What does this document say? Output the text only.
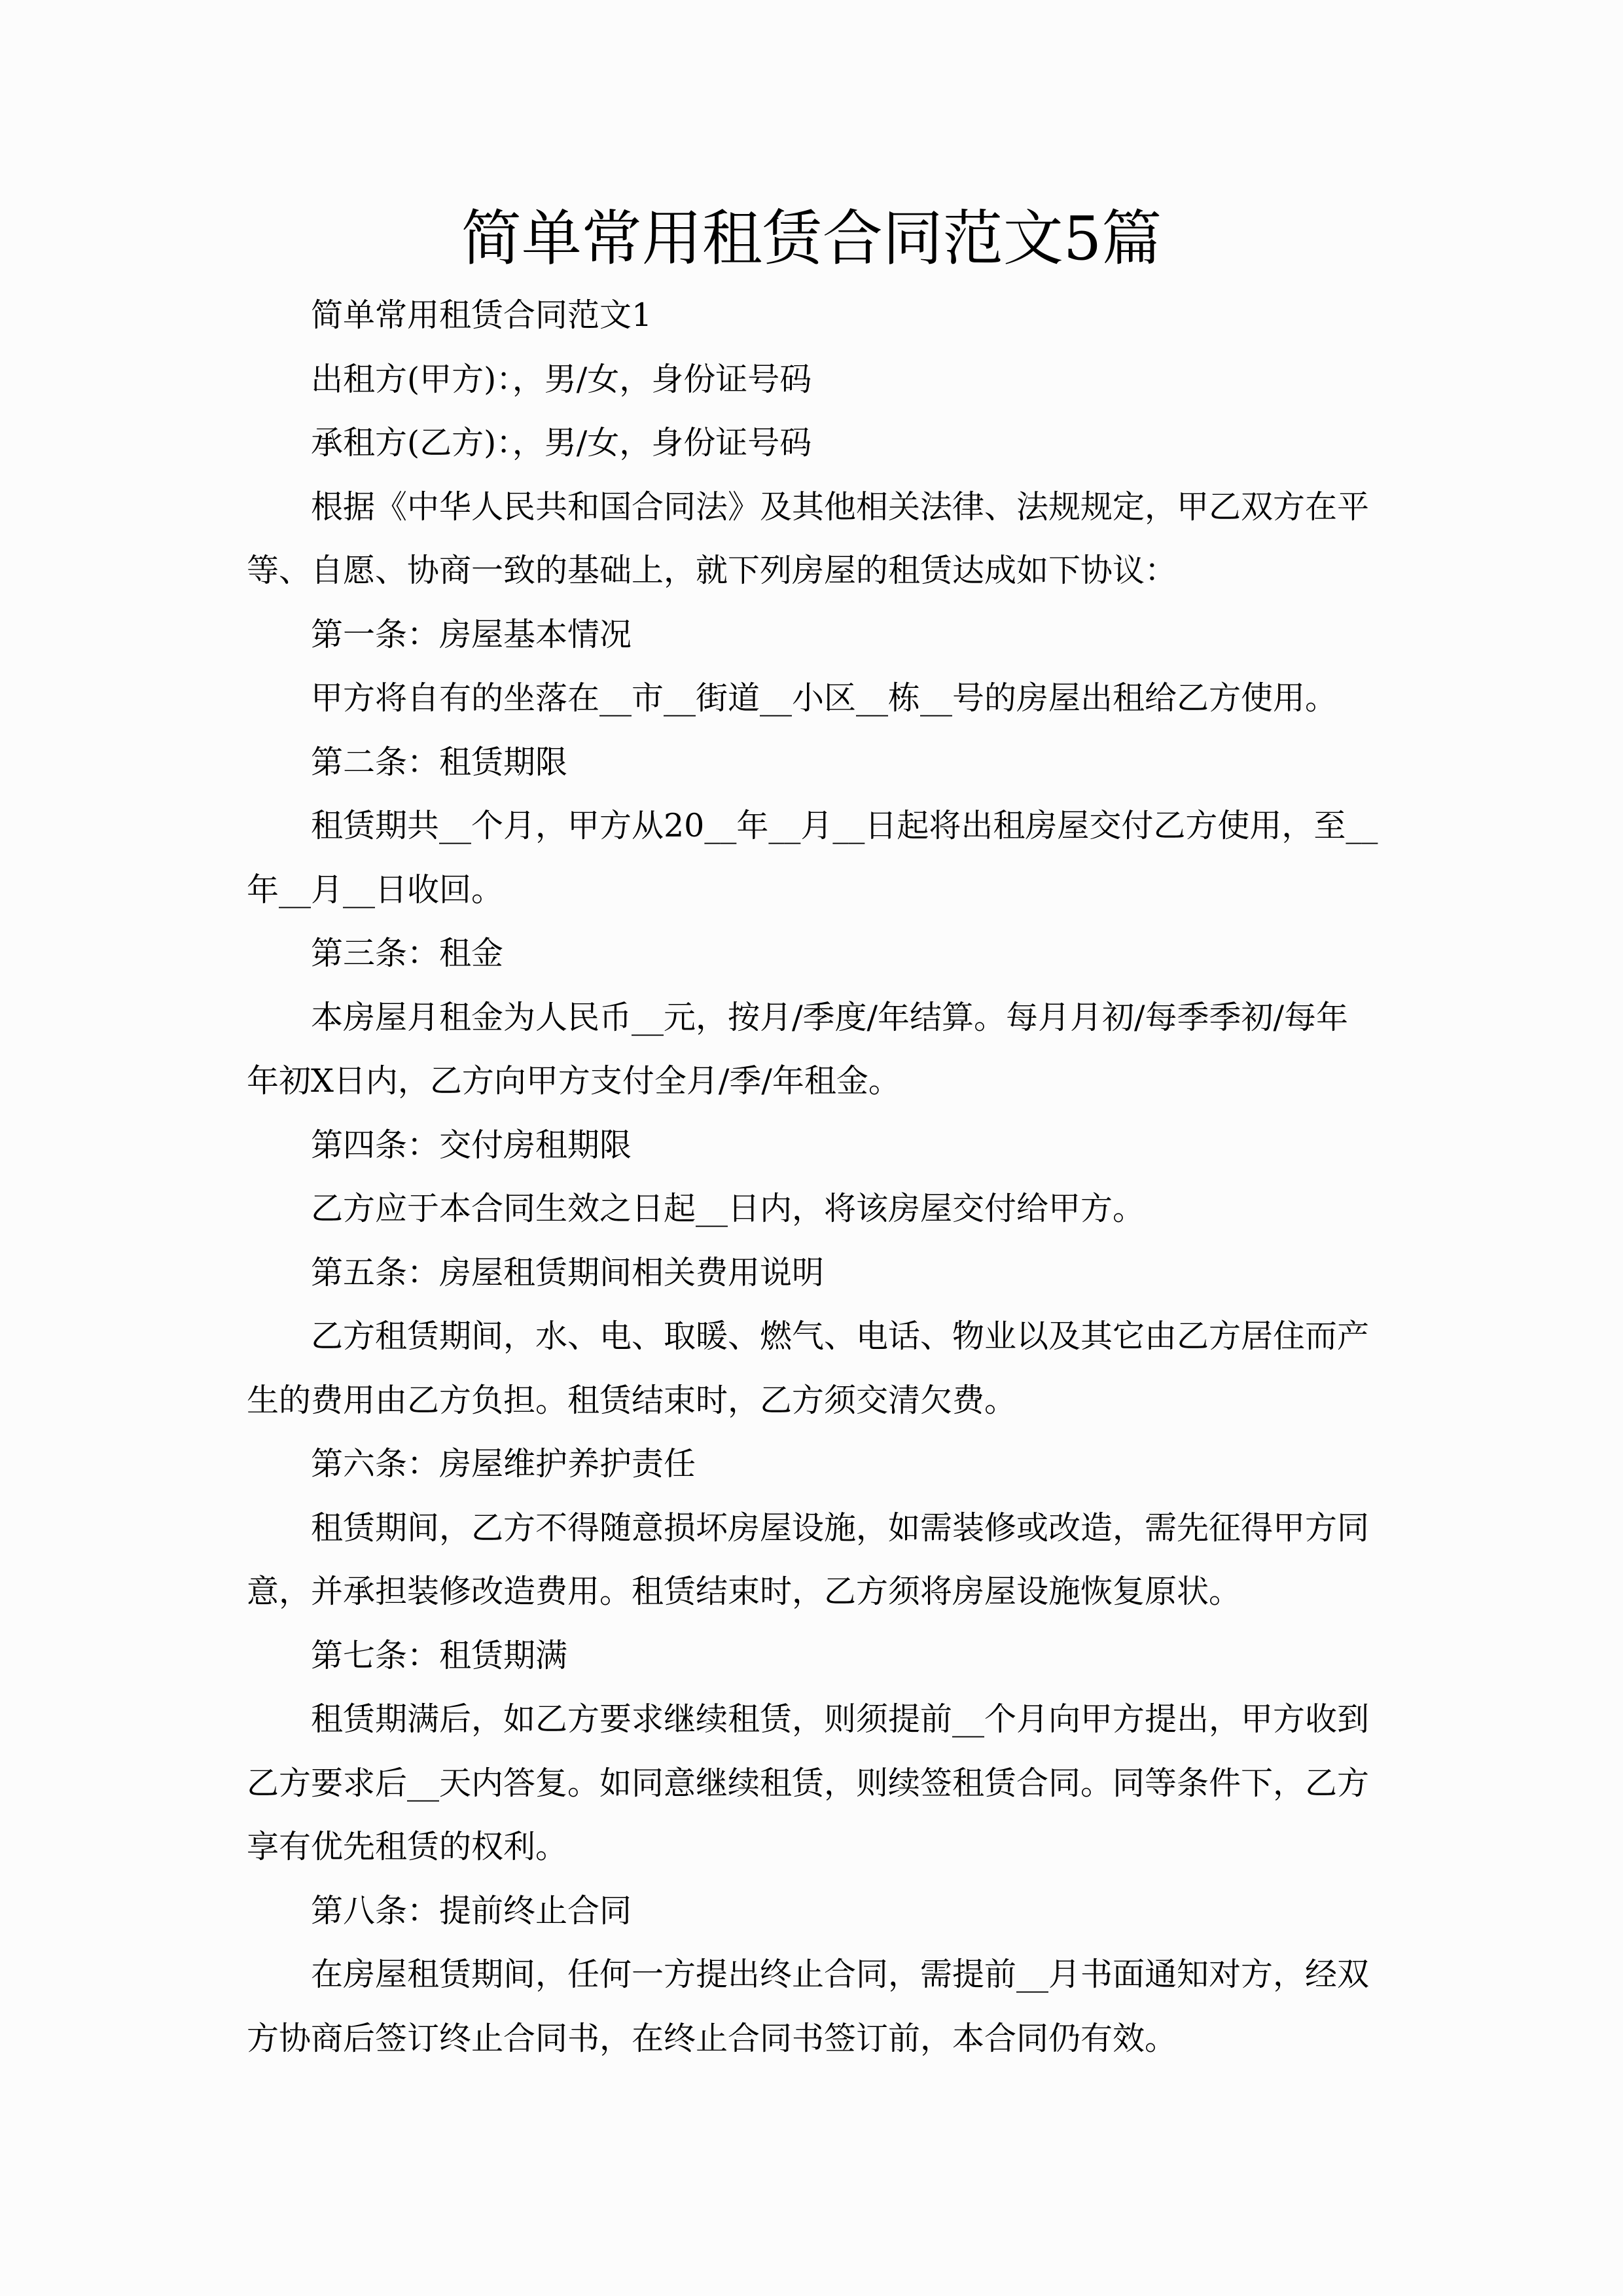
简单常用租赁合同范文5篇
简单常用租赁合同范文1
出租方(甲方)：，男/女，身份证号码
承租方(乙方)：，男/女，身份证号码
根据《中华人民共和国合同法》及其他相关法律、法规规定，甲乙双方在平
等、自愿、协商一致的基础上，就下列房屋的租赁达成如下协议：
第一条：房屋基本情况
甲方将自有的坐落在__市__街道__小区__栋__号的房屋出租给乙方使用。
第二条：租赁期限
租赁期共__个月，甲方从20__年__月__日起将出租房屋交付乙方使用，至__
年__月__日收回。
第三条：租金
本房屋月租金为人民币__元，按月/季度/年结算。每月月初/每季季初/每年
年初X日内，乙方向甲方支付全月/季/年租金。
第四条：交付房租期限
乙方应于本合同生效之日起__日内，将该房屋交付给甲方。
第五条：房屋租赁期间相关费用说明
乙方租赁期间，水、电、取暖、燃气、电话、物业以及其它由乙方居住而产
生的费用由乙方负担。租赁结束时，乙方须交清欠费。
第六条：房屋维护养护责任
租赁期间，乙方不得随意损坏房屋设施，如需装修或改造，需先征得甲方同
意，并承担装修改造费用。租赁结束时，乙方须将房屋设施恢复原状。
第七条：租赁期满
租赁期满后，如乙方要求继续租赁，则须提前__个月向甲方提出，甲方收到
乙方要求后__天内答复。如同意继续租赁，则续签租赁合同。同等条件下，乙方
享有优先租赁的权利。
第八条：提前终止合同
在房屋租赁期间，任何一方提出终止合同，需提前__月书面通知对方，经双
方协商后签订终止合同书，在终止合同书签订前，本合同仍有效。
